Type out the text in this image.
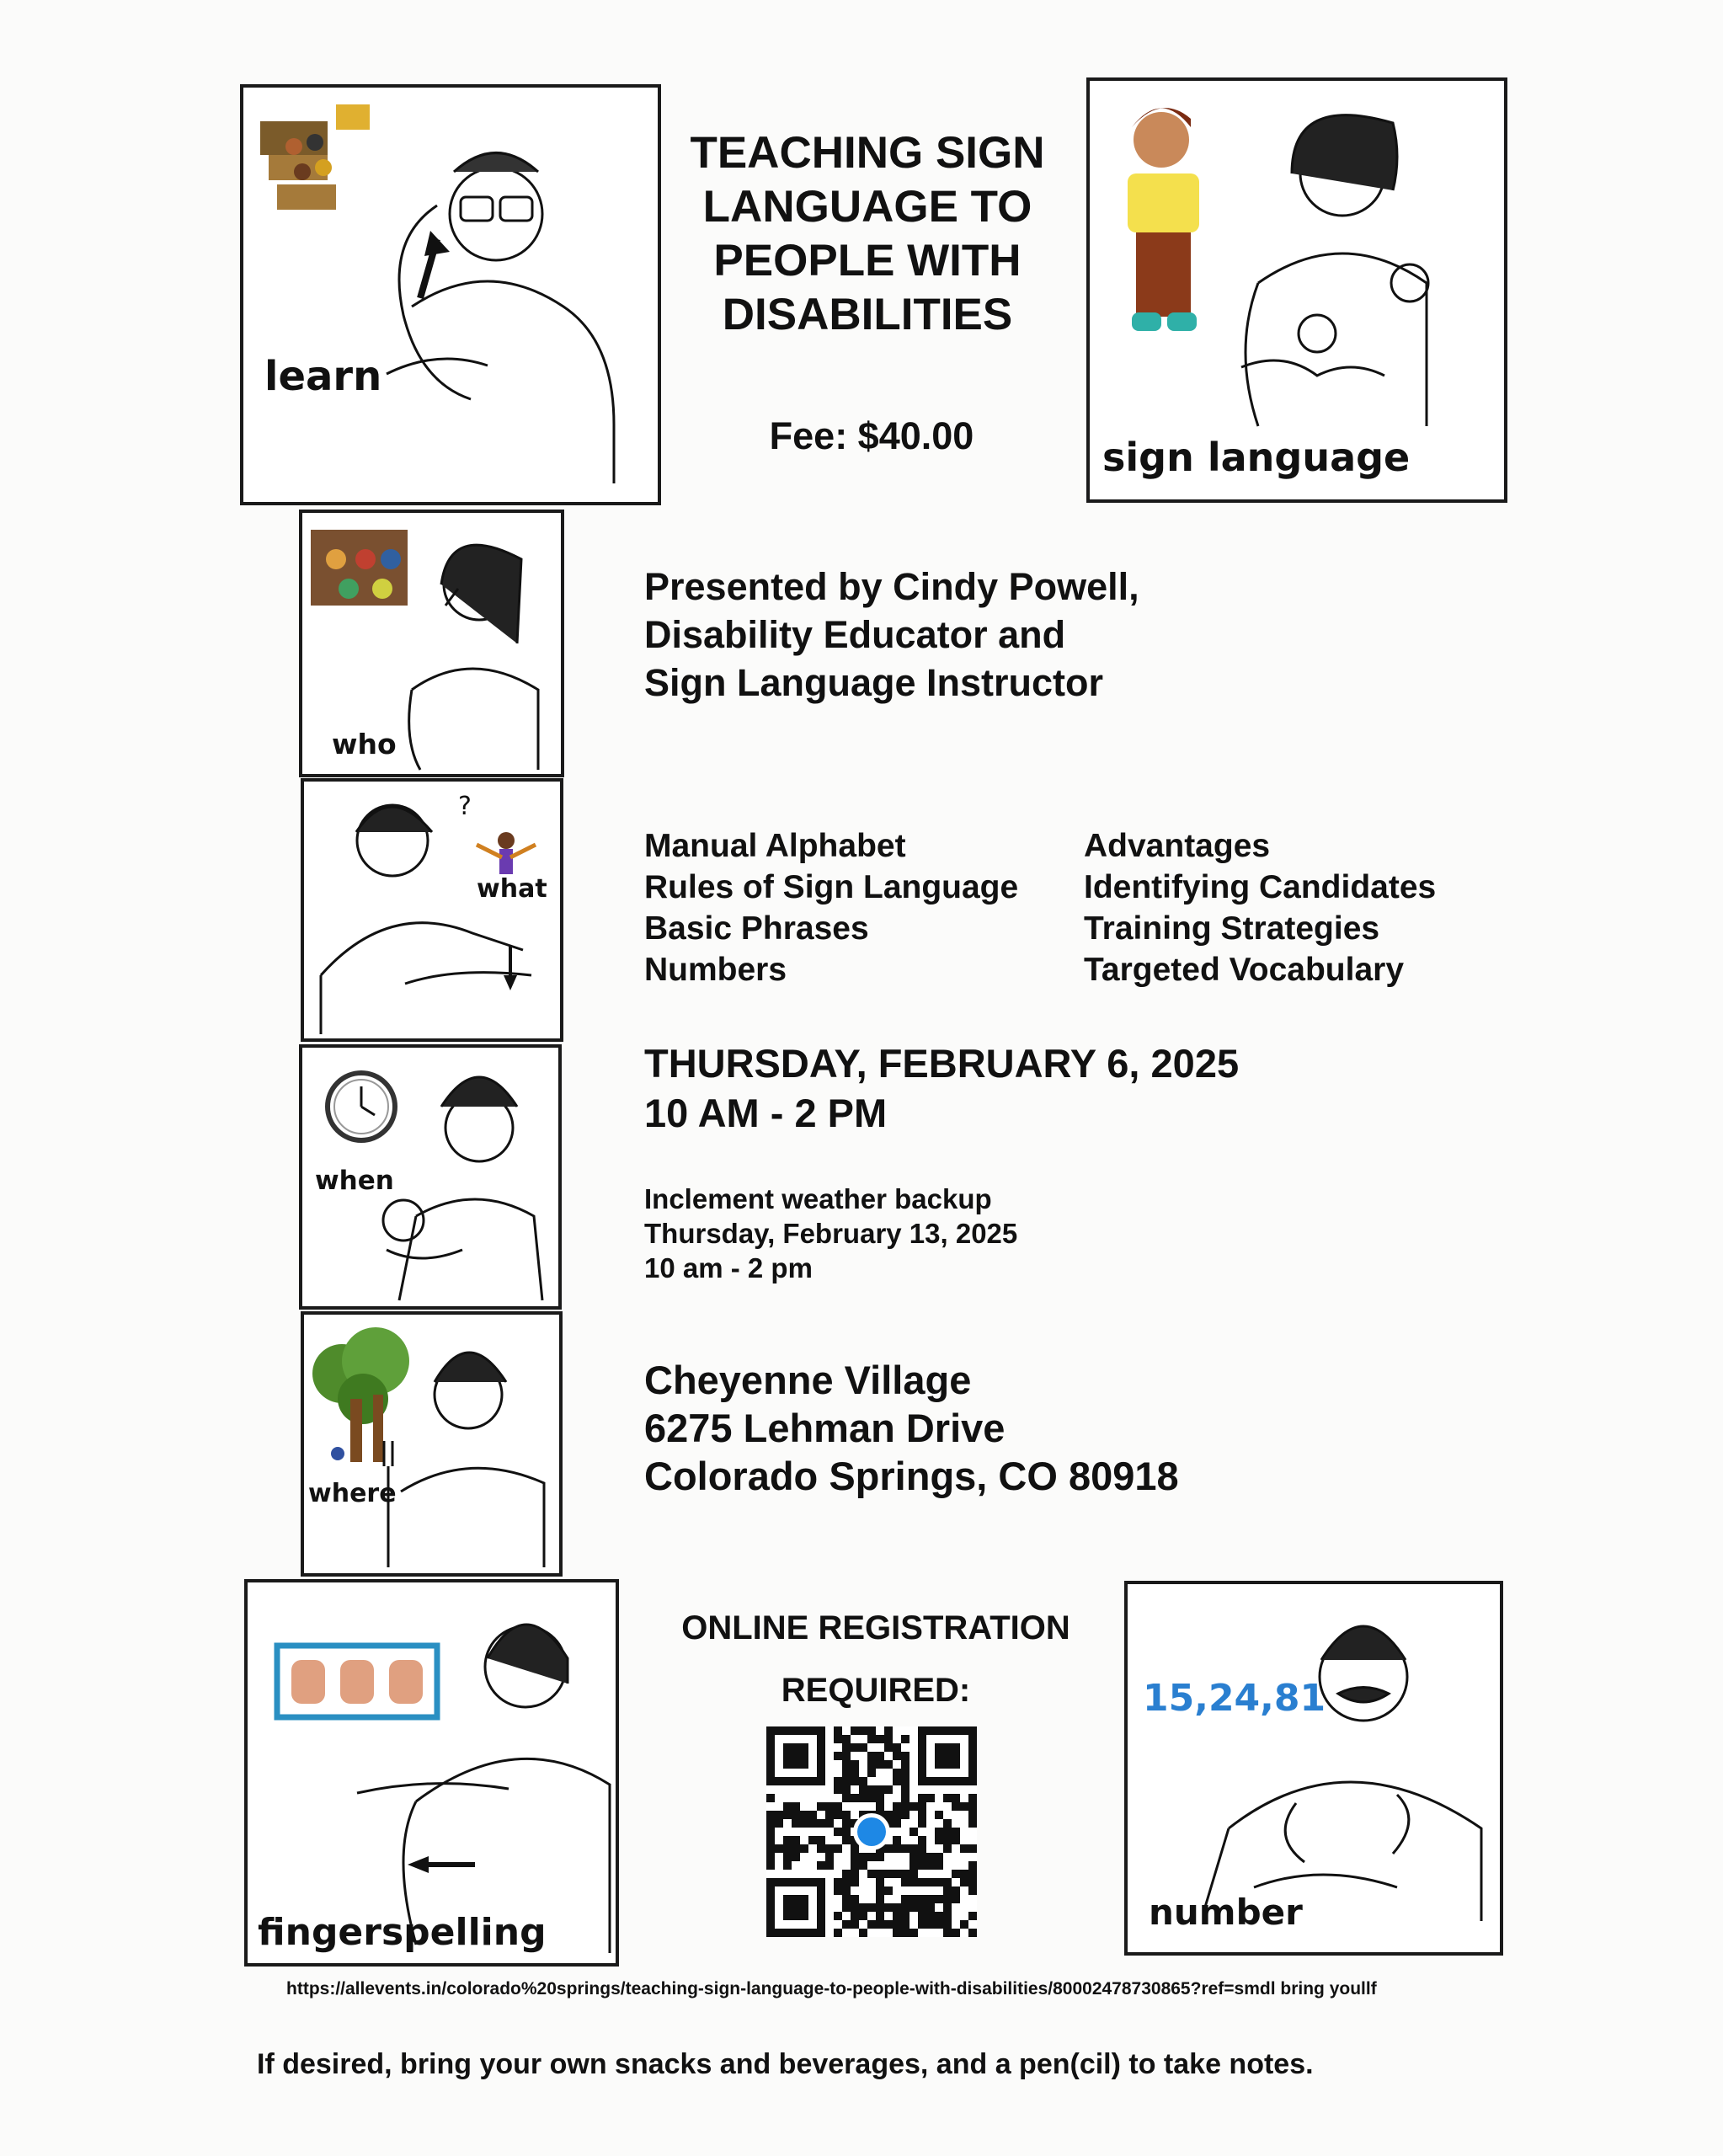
TEACHING SIGN
LANGUAGE TO
PEOPLE WITH
DISABILITIES
Fee: $40.00
Presented by Cindy Powell,
Disability Educator and
Sign Language Instructor
Manual Alphabet
Rules of Sign Language
Basic Phrases
Numbers
Advantages
Identifying Candidates
Training Strategies
Targeted Vocabulary
THURSDAY, FEBRUARY 6, 2025
10 AM - 2 PM
Inclement weather backup
Thursday, February 13, 2025
10 am - 2 pm
Cheyenne Village
6275 Lehman Drive
Colorado Springs, CO 80918
ONLINE REGISTRATION
REQUIRED:
https://allevents.in/colorado%20springs/teaching-sign-language-to-people-with-disabilities/80002478730865?ref=smdl bring youllf
If desired, bring your own snacks and beverages, and a pen(cil) to take notes.
learn
sign language
who
?
what
when
where
fingerspelling
15,24,81
number
